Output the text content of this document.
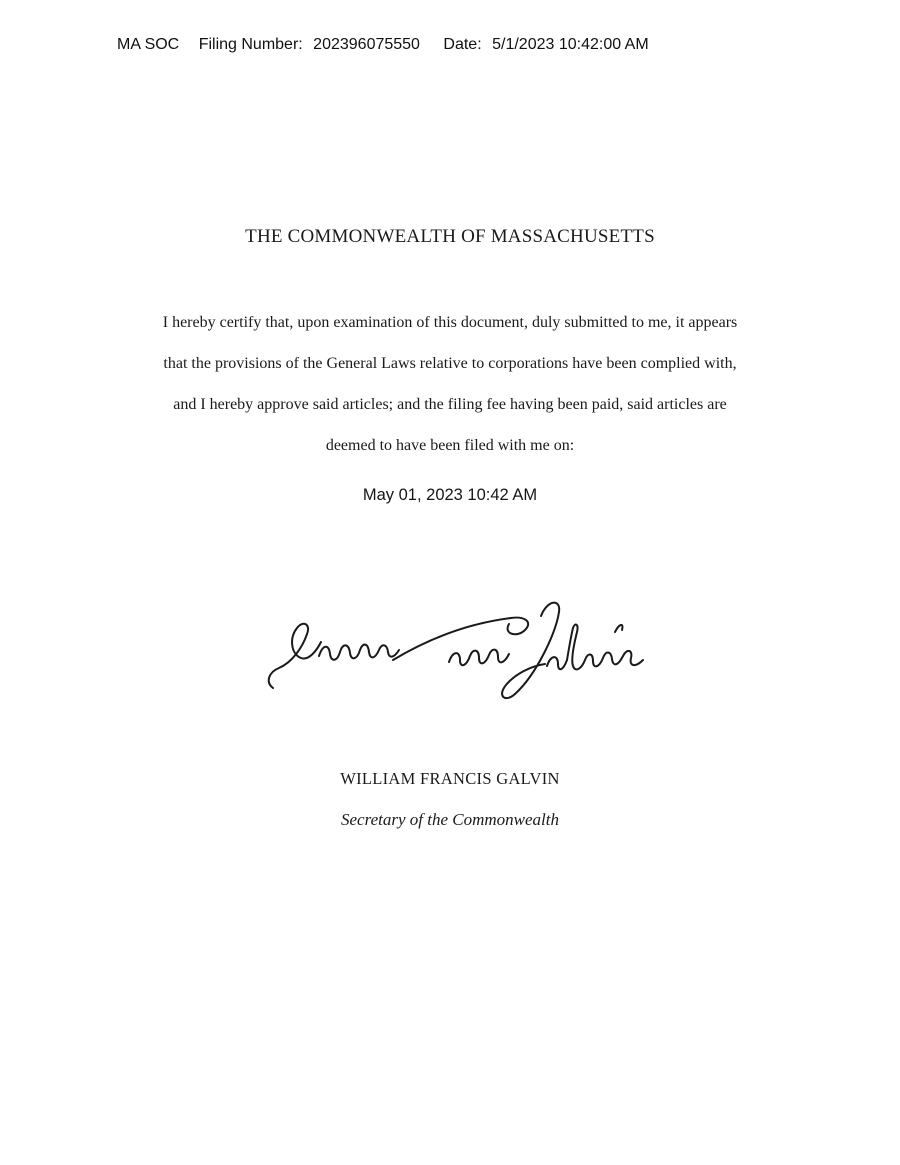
MA SOC Filing Number: 202396075550 Date: 5/1/2023 10:42:00 AM
THE COMMONWEALTH OF MASSACHUSETTS
I hereby certify that, upon examination of this document, duly submitted to me, it appears
that the provisions of the General Laws relative to corporations have been complied with,
and I hereby approve said articles; and the filing fee having been paid, said articles are
deemed to have been filed with me on:
May 01, 2023 10:42 AM
WILLIAM FRANCIS GALVIN
Secretary of the Commonwealth
